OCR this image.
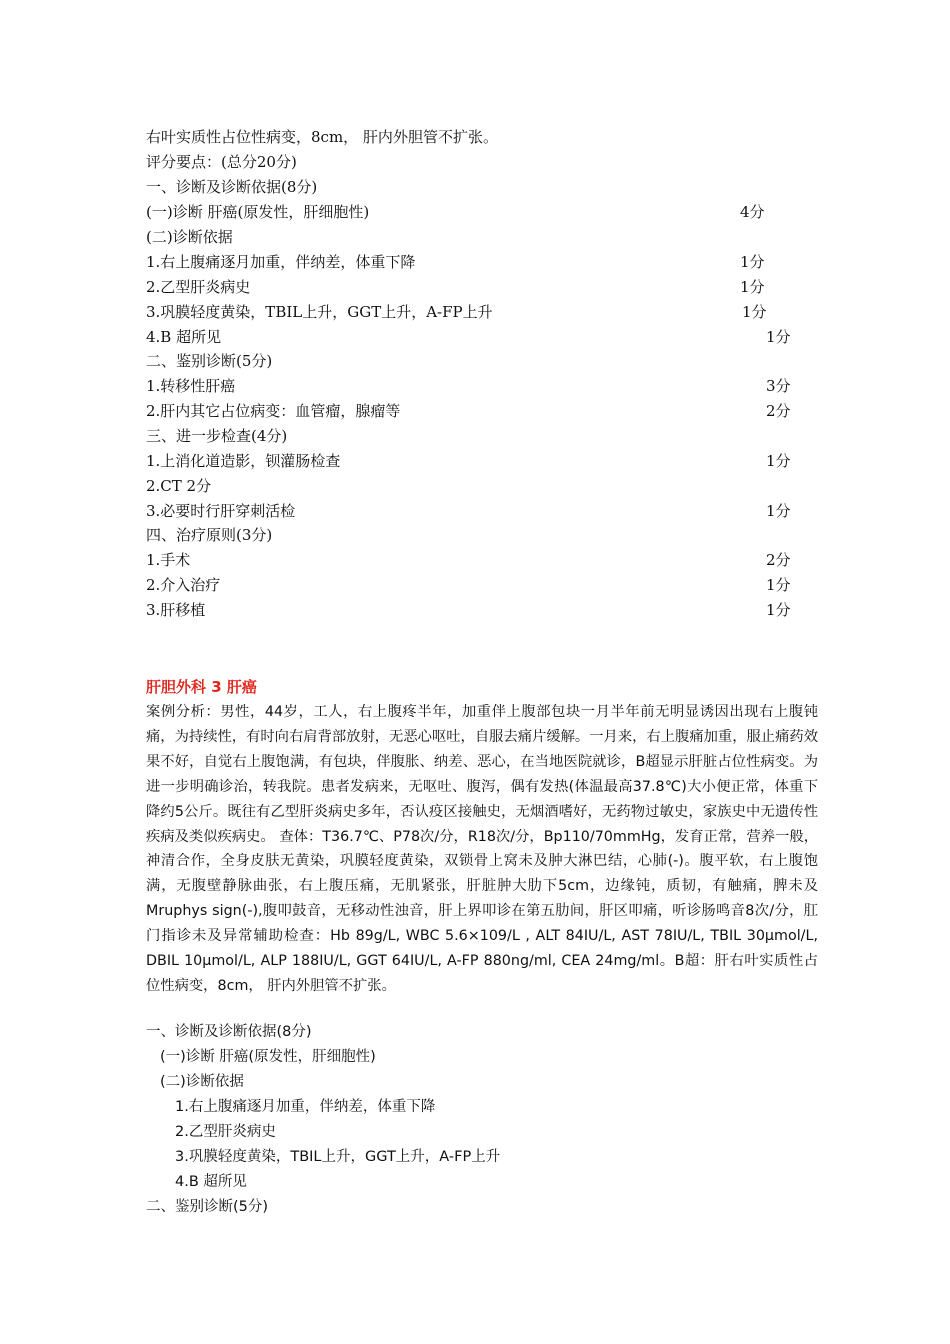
右叶实质性占位性病变，8cm， 肝内外胆管不扩张。
评分要点：(总分20分)
一、诊断及诊断依据(8分)
(一)诊断 肝癌(原发性，肝细胞性)	4分
(二)诊断依据
1.右上腹痛逐月加重，伴纳差，体重下降	1分
2.乙型肝炎病史	1分
3.巩膜轻度黄染，TBIL上升，GGT上升，A-FP上升	1分
4.B 超所见	1分
二、鉴别诊断(5分)
1.转移性肝癌	3分
2.肝内其它占位病变：血管瘤，腺瘤等	2分
三、进一步检查(4分)
1.上消化道造影，钡灌肠检查	1分
2.CT 2分
3.必要时行肝穿刺活检	1分
四、治疗原则(3分)
1.手术	2分
2.介入治疗	1分
3.肝移植	1分
肝胆外科 3 肝癌
案例分析：男性，44岁，工人，右上腹疼半年，加重伴上腹部包块一月半年前无明显诱因出现右上腹钝痛，为持续性，有时向右肩背部放射，无恶心呕吐，自服去痛片缓解。一月来，右上腹痛加重，服止痛药效果不好，自觉右上腹饱满，有包块，伴腹胀、纳差、恶心，在当地医院就诊，B超显示肝脏占位性病变。为进一步明确诊治，转我院。患者发病来，无呕吐、腹泻，偶有发热(体温最高37.8℃)大小便正常，体重下降约5公斤。既往有乙型肝炎病史多年，否认疫区接触史，无烟酒嗜好，无药物过敏史，家族史中无遗传性疾病及类似疾病史。 查体：T36.7℃、P78次/分，R18次/分，Bp110/70mmHg，发育正常，营养一般，神清合作，全身皮肤无黄染，巩膜轻度黄染，双锁骨上窝未及肿大淋巴结，心肺(-)。腹平软，右上腹饱满，无腹壁静脉曲张，右上腹压痛，无肌紧张，肝脏肿大肋下5cm，边缘钝，质韧，有触痛，脾未及Mruphys sign(-),腹叩鼓音，无移动性浊音，肝上界叩诊在第五肋间，肝区叩痛，听诊肠鸣音8次/分，肛门指诊未及异常辅助检查：Hb 89g/L, WBC 5.6×109/L , ALT 84IU/L, AST 78IU/L, TBIL 30μmol/L, DBIL 10μmol/L, ALP 188IU/L, GGT 64IU/L, A-FP 880ng/ml, CEA 24mg/ml。B超：肝右叶实质性占位性病变，8cm， 肝内外胆管不扩张。
一、诊断及诊断依据(8分)
(一)诊断 肝癌(原发性，肝细胞性)
(二)诊断依据
1.右上腹痛逐月加重，伴纳差，体重下降
2.乙型肝炎病史
3.巩膜轻度黄染，TBIL上升，GGT上升，A-FP上升
4.B 超所见
二、鉴别诊断(5分)
